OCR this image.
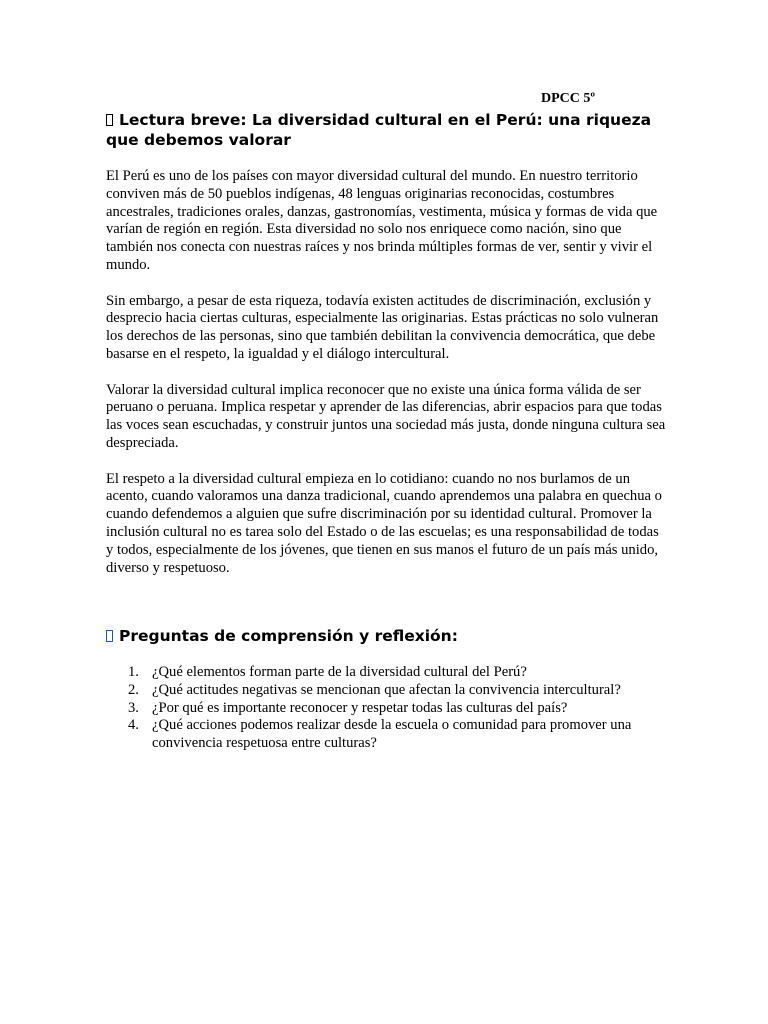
DPCC 5º
Lectura breve: La diversidad cultural en el Perú: una riqueza que debemos valorar

El Perú es uno de los países con mayor diversidad cultural del mundo. En nuestro territorio conviven más de 50 pueblos indígenas, 48 lenguas originarias reconocidas, costumbres ancestrales, tradiciones orales, danzas, gastronomías, vestimenta, música y formas de vida que varían de región en región. Esta diversidad no solo nos enriquece como nación, sino que también nos conecta con nuestras raíces y nos brinda múltiples formas de ver, sentir y vivir el mundo.

Sin embargo, a pesar de esta riqueza, todavía existen actitudes de discriminación, exclusión y desprecio hacia ciertas culturas, especialmente las originarias. Estas prácticas no solo vulneran los derechos de las personas, sino que también debilitan la convivencia democrática, que debe basarse en el respeto, la igualdad y el diálogo intercultural.

Valorar la diversidad cultural implica reconocer que no existe una única forma válida de ser peruano o peruana. Implica respetar y aprender de las diferencias, abrir espacios para que todas las voces sean escuchadas, y construir juntos una sociedad más justa, donde ninguna cultura sea despreciada.

El respeto a la diversidad cultural empieza en lo cotidiano: cuando no nos burlamos de un acento, cuando valoramos una danza tradicional, cuando aprendemos una palabra en quechua o cuando defendemos a alguien que sufre discriminación por su identidad cultural. Promover la inclusión cultural no es tarea solo del Estado o de las escuelas; es una responsabilidad de todas y todos, especialmente de los jóvenes, que tienen en sus manos el futuro de un país más unido, diverso y respetuoso.

Preguntas de comprensión y reflexión:
1. ¿Qué elementos forman parte de la diversidad cultural del Perú?
2. ¿Qué actitudes negativas se mencionan que afectan la convivencia intercultural?
3. ¿Por qué es importante reconocer y respetar todas las culturas del país?
4. ¿Qué acciones podemos realizar desde la escuela o comunidad para promover una convivencia respetuosa entre culturas?
